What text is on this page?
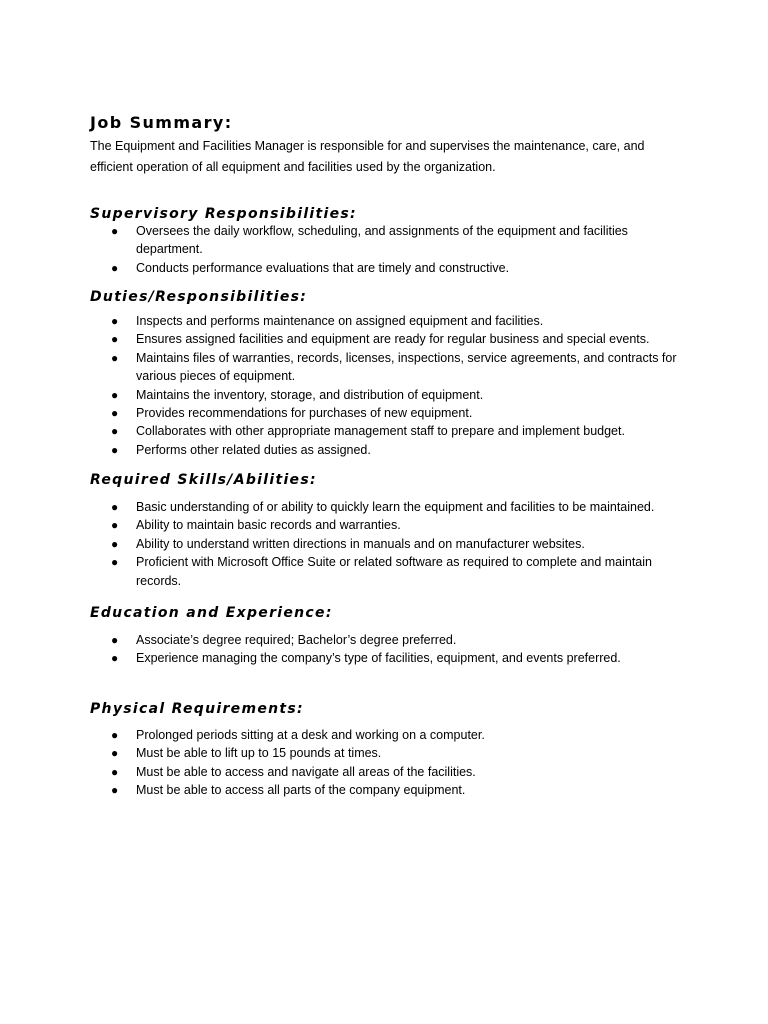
Job Summary:

The Equipment and Facilities Manager is responsible for and supervises the maintenance, care, and efficient operation of all equipment and facilities used by the organization.

Supervisory Responsibilities:
● Oversees the daily workflow, scheduling, and assignments of the equipment and facilities department.
● Conducts performance evaluations that are timely and constructive.
Duties/Responsibilities:
● Inspects and performs maintenance on assigned equipment and facilities.
● Ensures assigned facilities and equipment are ready for regular business and special events.
● Maintains files of warranties, records, licenses, inspections, service agreements, and contracts for various pieces of equipment.
● Maintains the inventory, storage, and distribution of equipment.
● Provides recommendations for purchases of new equipment.
● Collaborates with other appropriate management staff to prepare and implement budget.
● Performs other related duties as assigned.
Required Skills/Abilities:
● Basic understanding of or ability to quickly learn the equipment and facilities to be maintained.
● Ability to maintain basic records and warranties.
● Ability to understand written directions in manuals and on manufacturer websites.
● Proficient with Microsoft Office Suite or related software as required to complete and maintain records.
Education and Experience:
● Associate’s degree required; Bachelor’s degree preferred.
● Experience managing the company’s type of facilities, equipment, and events preferred.
Physical Requirements:
● Prolonged periods sitting at a desk and working on a computer.
● Must be able to lift up to 15 pounds at times.
● Must be able to access and navigate all areas of the facilities.
● Must be able to access all parts of the company equipment.
